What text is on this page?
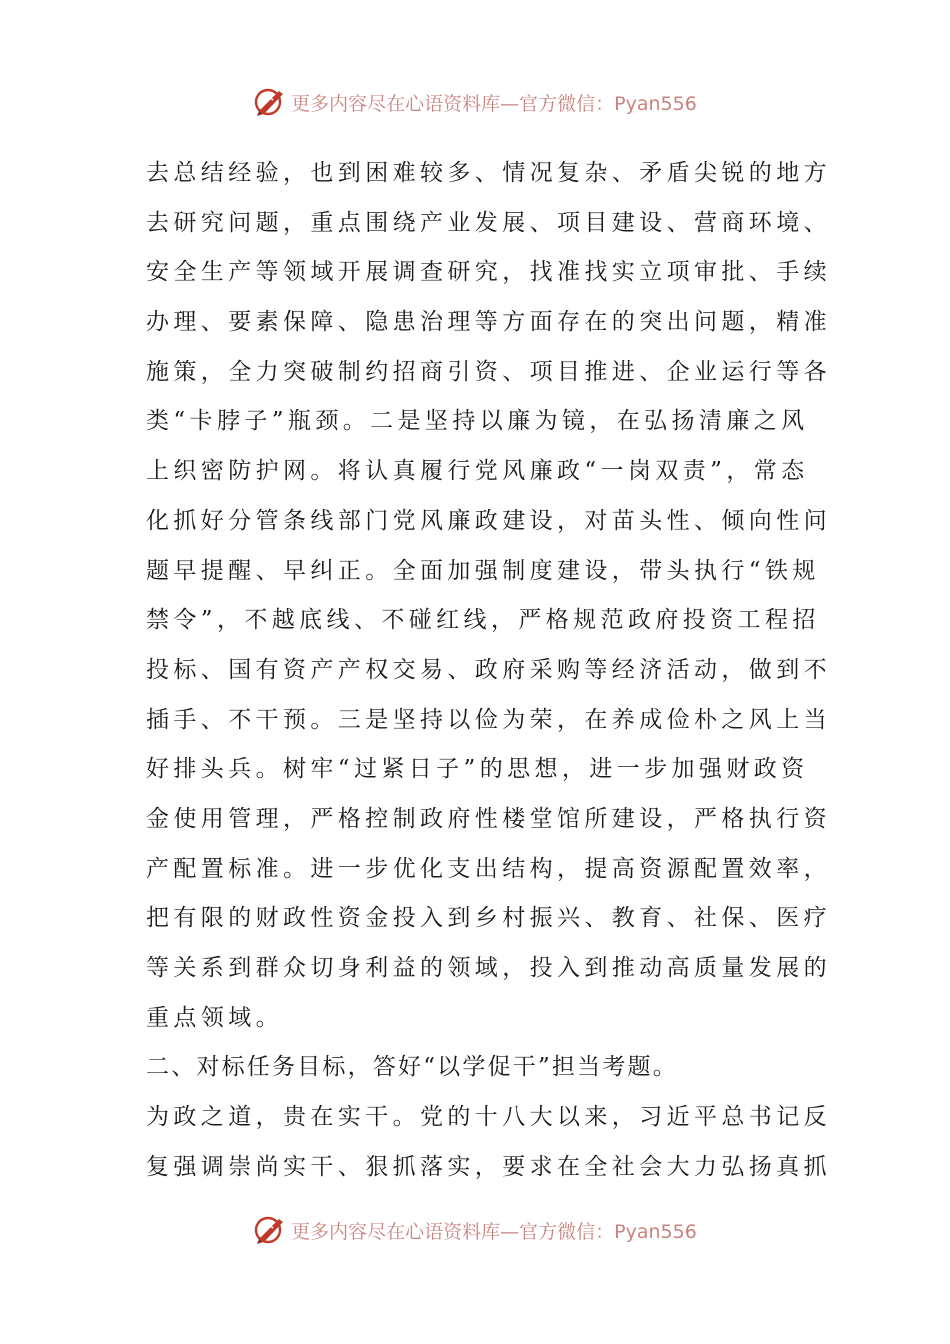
更多内容尽在心语资料库—官方微信：Pyan556
去总结经验，也到困难较多、情况复杂、矛盾尖锐的地方
去研究问题，重点围绕产业发展、项目建设、营商环境、
安全生产等领域开展调查研究，找准找实立项审批、手续
办理、要素保障、隐患治理等方面存在的突出问题，精准
施策，全力突破制约招商引资、项目推进、企业运行等各
类“卡脖子”瓶颈。二是坚持以廉为镜，在弘扬清廉之风
上织密防护网。将认真履行党风廉政“一岗双责”，常态
化抓好分管条线部门党风廉政建设，对苗头性、倾向性问
题早提醒、早纠正。全面加强制度建设，带头执行“铁规
禁令”，不越底线、不碰红线，严格规范政府投资工程招
投标、国有资产产权交易、政府采购等经济活动，做到不
插手、不干预。三是坚持以俭为荣，在养成俭朴之风上当
好排头兵。树牢“过紧日子”的思想，进一步加强财政资
金使用管理，严格控制政府性楼堂馆所建设，严格执行资
产配置标准。进一步优化支出结构，提高资源配置效率，
把有限的财政性资金投入到乡村振兴、教育、社保、医疗
等关系到群众切身利益的领域，投入到推动高质量发展的
重点领域。
二、对标任务目标，答好“以学促干”担当考题。
为政之道，贵在实干。党的十八大以来，习近平总书记反
复强调崇尚实干、狠抓落实，要求在全社会大力弘扬真抓
更多内容尽在心语资料库—官方微信：Pyan556
